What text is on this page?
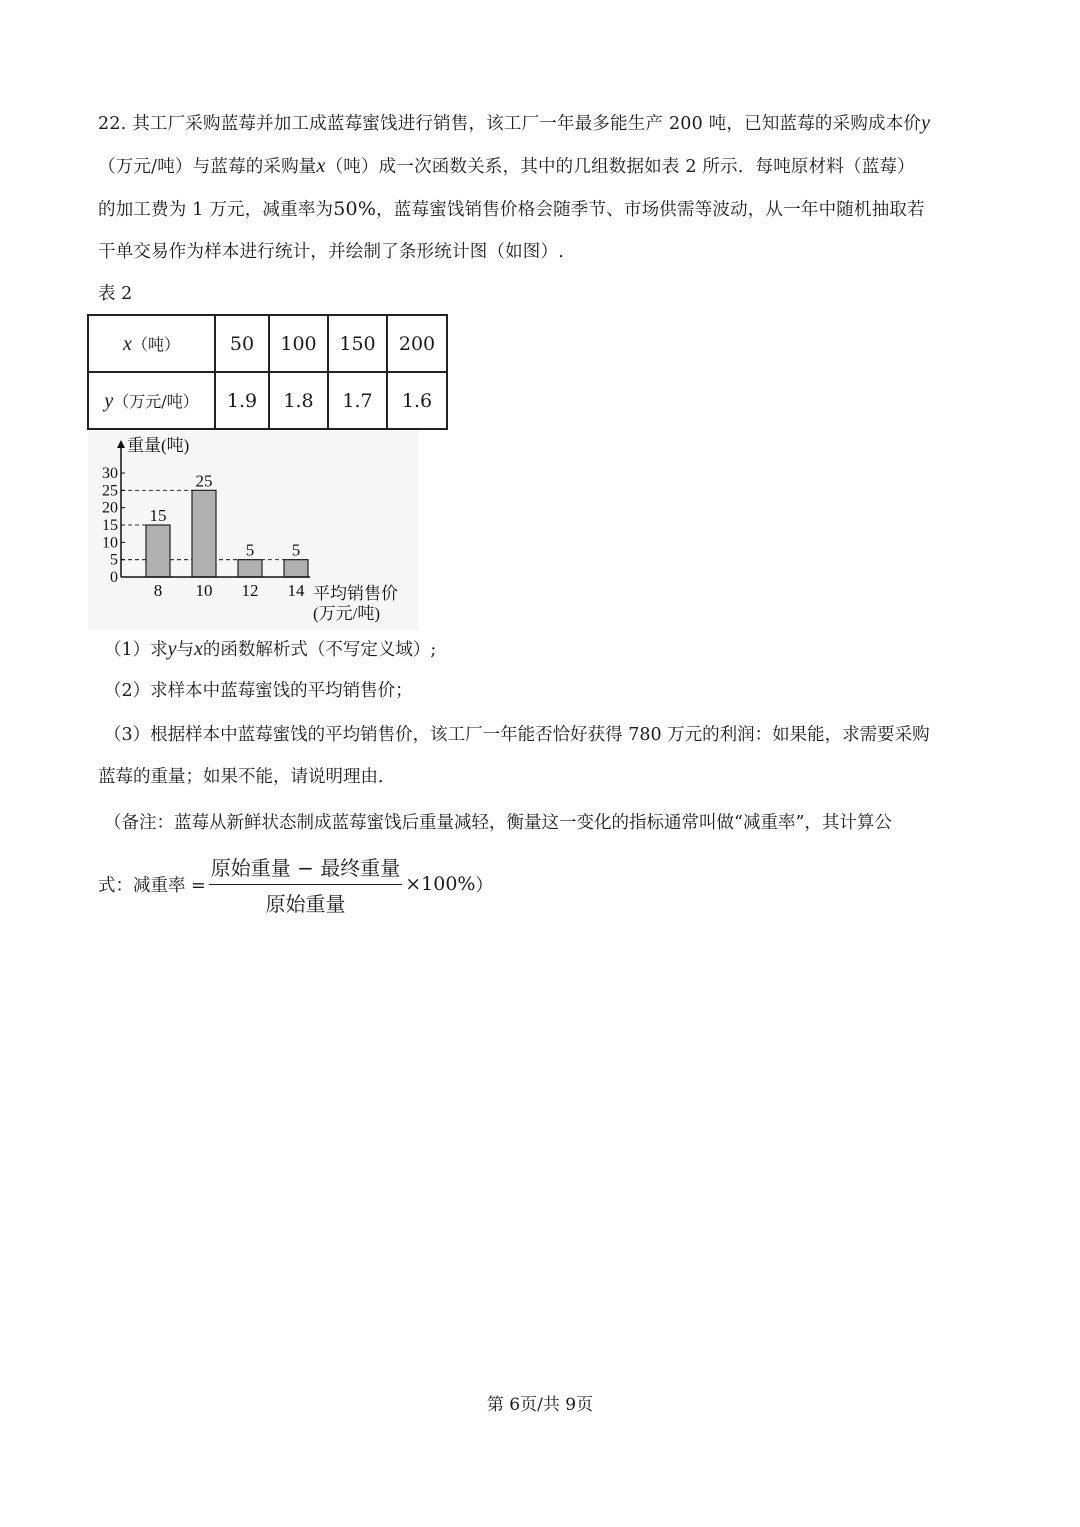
22. 其工厂采购蓝莓并加工成蓝莓蜜饯进行销售，该工厂一年最多能生产 200 吨，已知蓝莓的采购成本价y

（万元/吨）与蓝莓的采购量x（吨）成一次函数关系，其中的几组数据如表 2 所示．每吨原材料（蓝莓）

的加工费为 1 万元，减重率为50%，蓝莓蜜饯销售价格会随季节、市场供需等波动，从一年中随机抽取若

干单交易作为样本进行统计，并绘制了条形统计图（如图）.

表 2
x（吨）	50	100	150	200
y（万元/吨）	1.9	1.8	1.7	1.6
15
8
25
10
5
12
5
14
0
5
10
15
20
25
30
重量(吨)
平均销售价
(万元/吨)
（1）求y与x的函数解析式（不写定义域）;
（2）求样本中蓝莓蜜饯的平均销售价；
（3）根据样本中蓝莓蜜饯的平均销售价，该工厂一年能否恰好获得 780 万元的利润：如果能，求需要采购
蓝莓的重量；如果不能，请说明理由．
（备注：蓝莓从新鲜状态制成蓝莓蜜饯后重量减轻，衡量这一变化的指标通常叫做“减重率”，其计算公
式：减重率 = $\frac{\text{原始重量 − 最终重量}}{\text{原始重量}} \times 100\%$ ）
第 6页/共 9页
